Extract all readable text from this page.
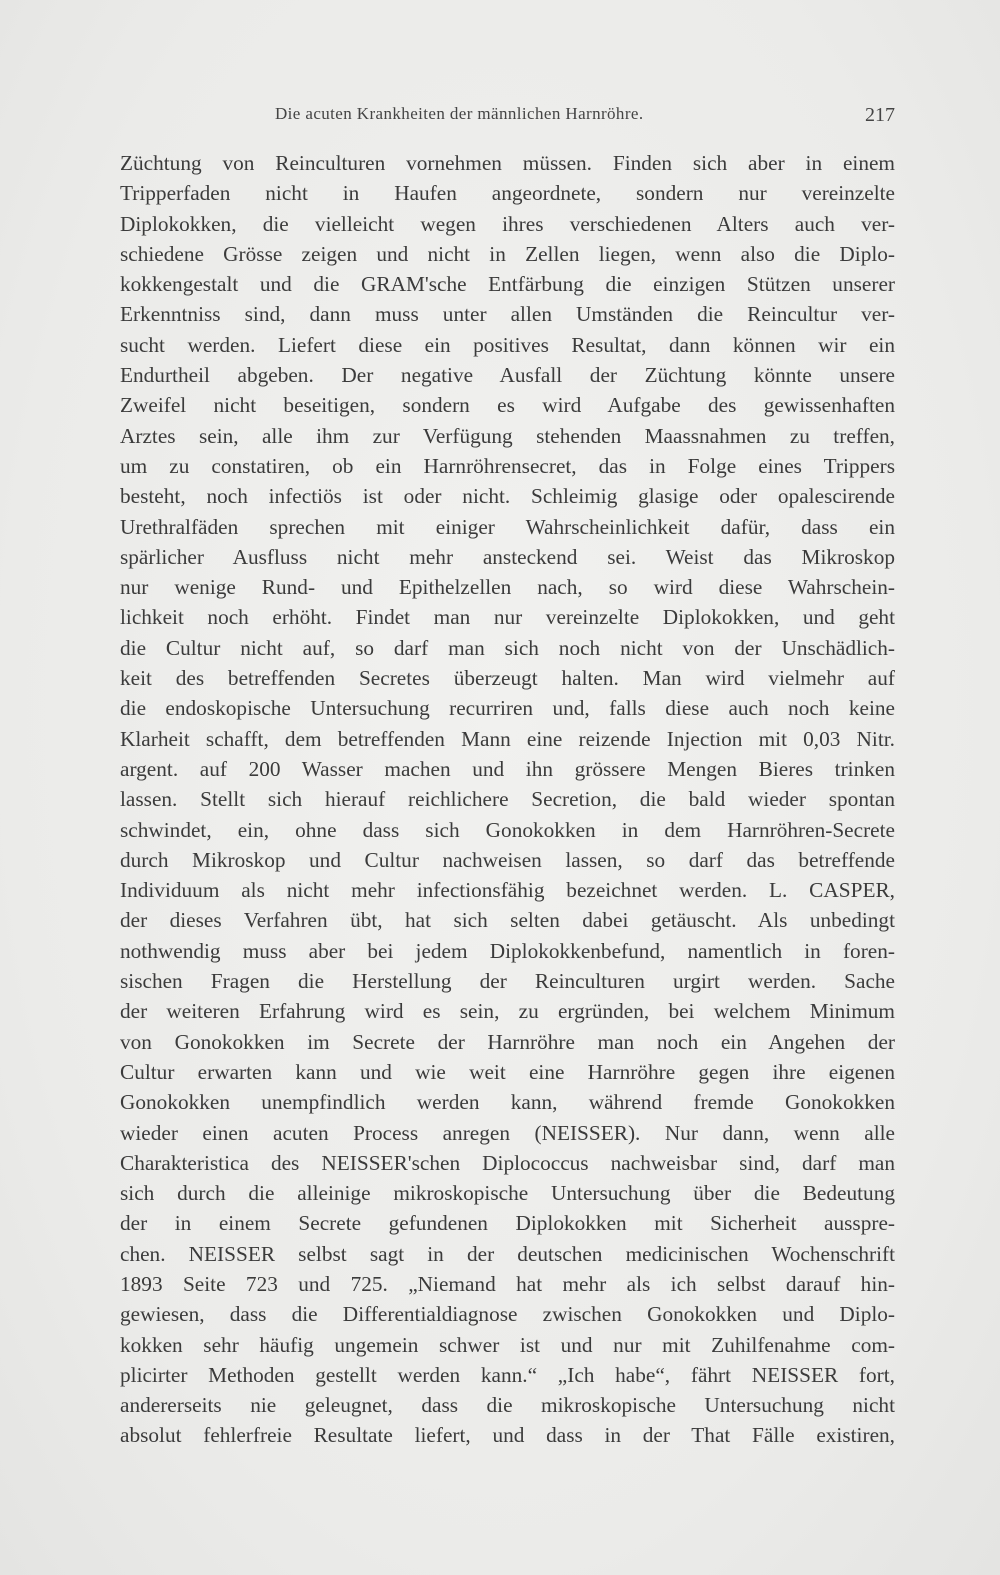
Die acuten Krankheiten der männlichen Harnröhre.	217
Züchtung von Reinculturen vornehmen müssen. Finden sich aber in einem
Tripperfaden nicht in Haufen angeordnete, sondern nur vereinzelte
Diplokokken, die vielleicht wegen ihres verschiedenen Alters auch ver-
schiedene Grösse zeigen und nicht in Zellen liegen, wenn also die Diplo-
kokkengestalt und die GRAM'sche Entfärbung die einzigen Stützen unserer
Erkenntniss sind, dann muss unter allen Umständen die Reincultur ver-
sucht werden. Liefert diese ein positives Resultat, dann können wir ein
Endurtheil abgeben. Der negative Ausfall der Züchtung könnte unsere
Zweifel nicht beseitigen, sondern es wird Aufgabe des gewissenhaften
Arztes sein, alle ihm zur Verfügung stehenden Maassnahmen zu treffen,
um zu constatiren, ob ein Harnröhrensecret, das in Folge eines Trippers
besteht, noch infectiös ist oder nicht. Schleimig glasige oder opalescirende
Urethralfäden sprechen mit einiger Wahrscheinlichkeit dafür, dass ein
spärlicher Ausfluss nicht mehr ansteckend sei. Weist das Mikroskop
nur wenige Rund- und Epithelzellen nach, so wird diese Wahrschein-
lichkeit noch erhöht. Findet man nur vereinzelte Diplokokken, und geht
die Cultur nicht auf, so darf man sich noch nicht von der Unschädlich-
keit des betreffenden Secretes überzeugt halten. Man wird vielmehr auf
die endoskopische Untersuchung recurriren und, falls diese auch noch keine
Klarheit schafft, dem betreffenden Mann eine reizende Injection mit 0,03 Nitr.
argent. auf 200 Wasser machen und ihn grössere Mengen Bieres trinken
lassen. Stellt sich hierauf reichlichere Secretion, die bald wieder spontan
schwindet, ein, ohne dass sich Gonokokken in dem Harnröhren-Secrete
durch Mikroskop und Cultur nachweisen lassen, so darf das betreffende
Individuum als nicht mehr infectionsfähig bezeichnet werden. L. CASPER,
der dieses Verfahren übt, hat sich selten dabei getäuscht. Als unbedingt
nothwendig muss aber bei jedem Diplokokkenbefund, namentlich in foren-
sischen Fragen die Herstellung der Reinculturen urgirt werden. Sache
der weiteren Erfahrung wird es sein, zu ergründen, bei welchem Minimum
von Gonokokken im Secrete der Harnröhre man noch ein Angehen der
Cultur erwarten kann und wie weit eine Harnröhre gegen ihre eigenen
Gonokokken unempfindlich werden kann, während fremde Gonokokken
wieder einen acuten Process anregen (NEISSER). Nur dann, wenn alle
Charakteristica des NEISSER'schen Diplococcus nachweisbar sind, darf man
sich durch die alleinige mikroskopische Untersuchung über die Bedeutung
der in einem Secrete gefundenen Diplokokken mit Sicherheit ausspre-
chen. NEISSER selbst sagt in der deutschen medicinischen Wochenschrift
1893 Seite 723 und 725. „Niemand hat mehr als ich selbst darauf hin-
gewiesen, dass die Differentialdiagnose zwischen Gonokokken und Diplo-
kokken sehr häufig ungemein schwer ist und nur mit Zuhilfenahme com-
plicirter Methoden gestellt werden kann.“ „Ich habe“, fährt NEISSER fort,
andererseits nie geleugnet, dass die mikroskopische Untersuchung nicht
absolut fehlerfreie Resultate liefert, und dass in der That Fälle existiren,
